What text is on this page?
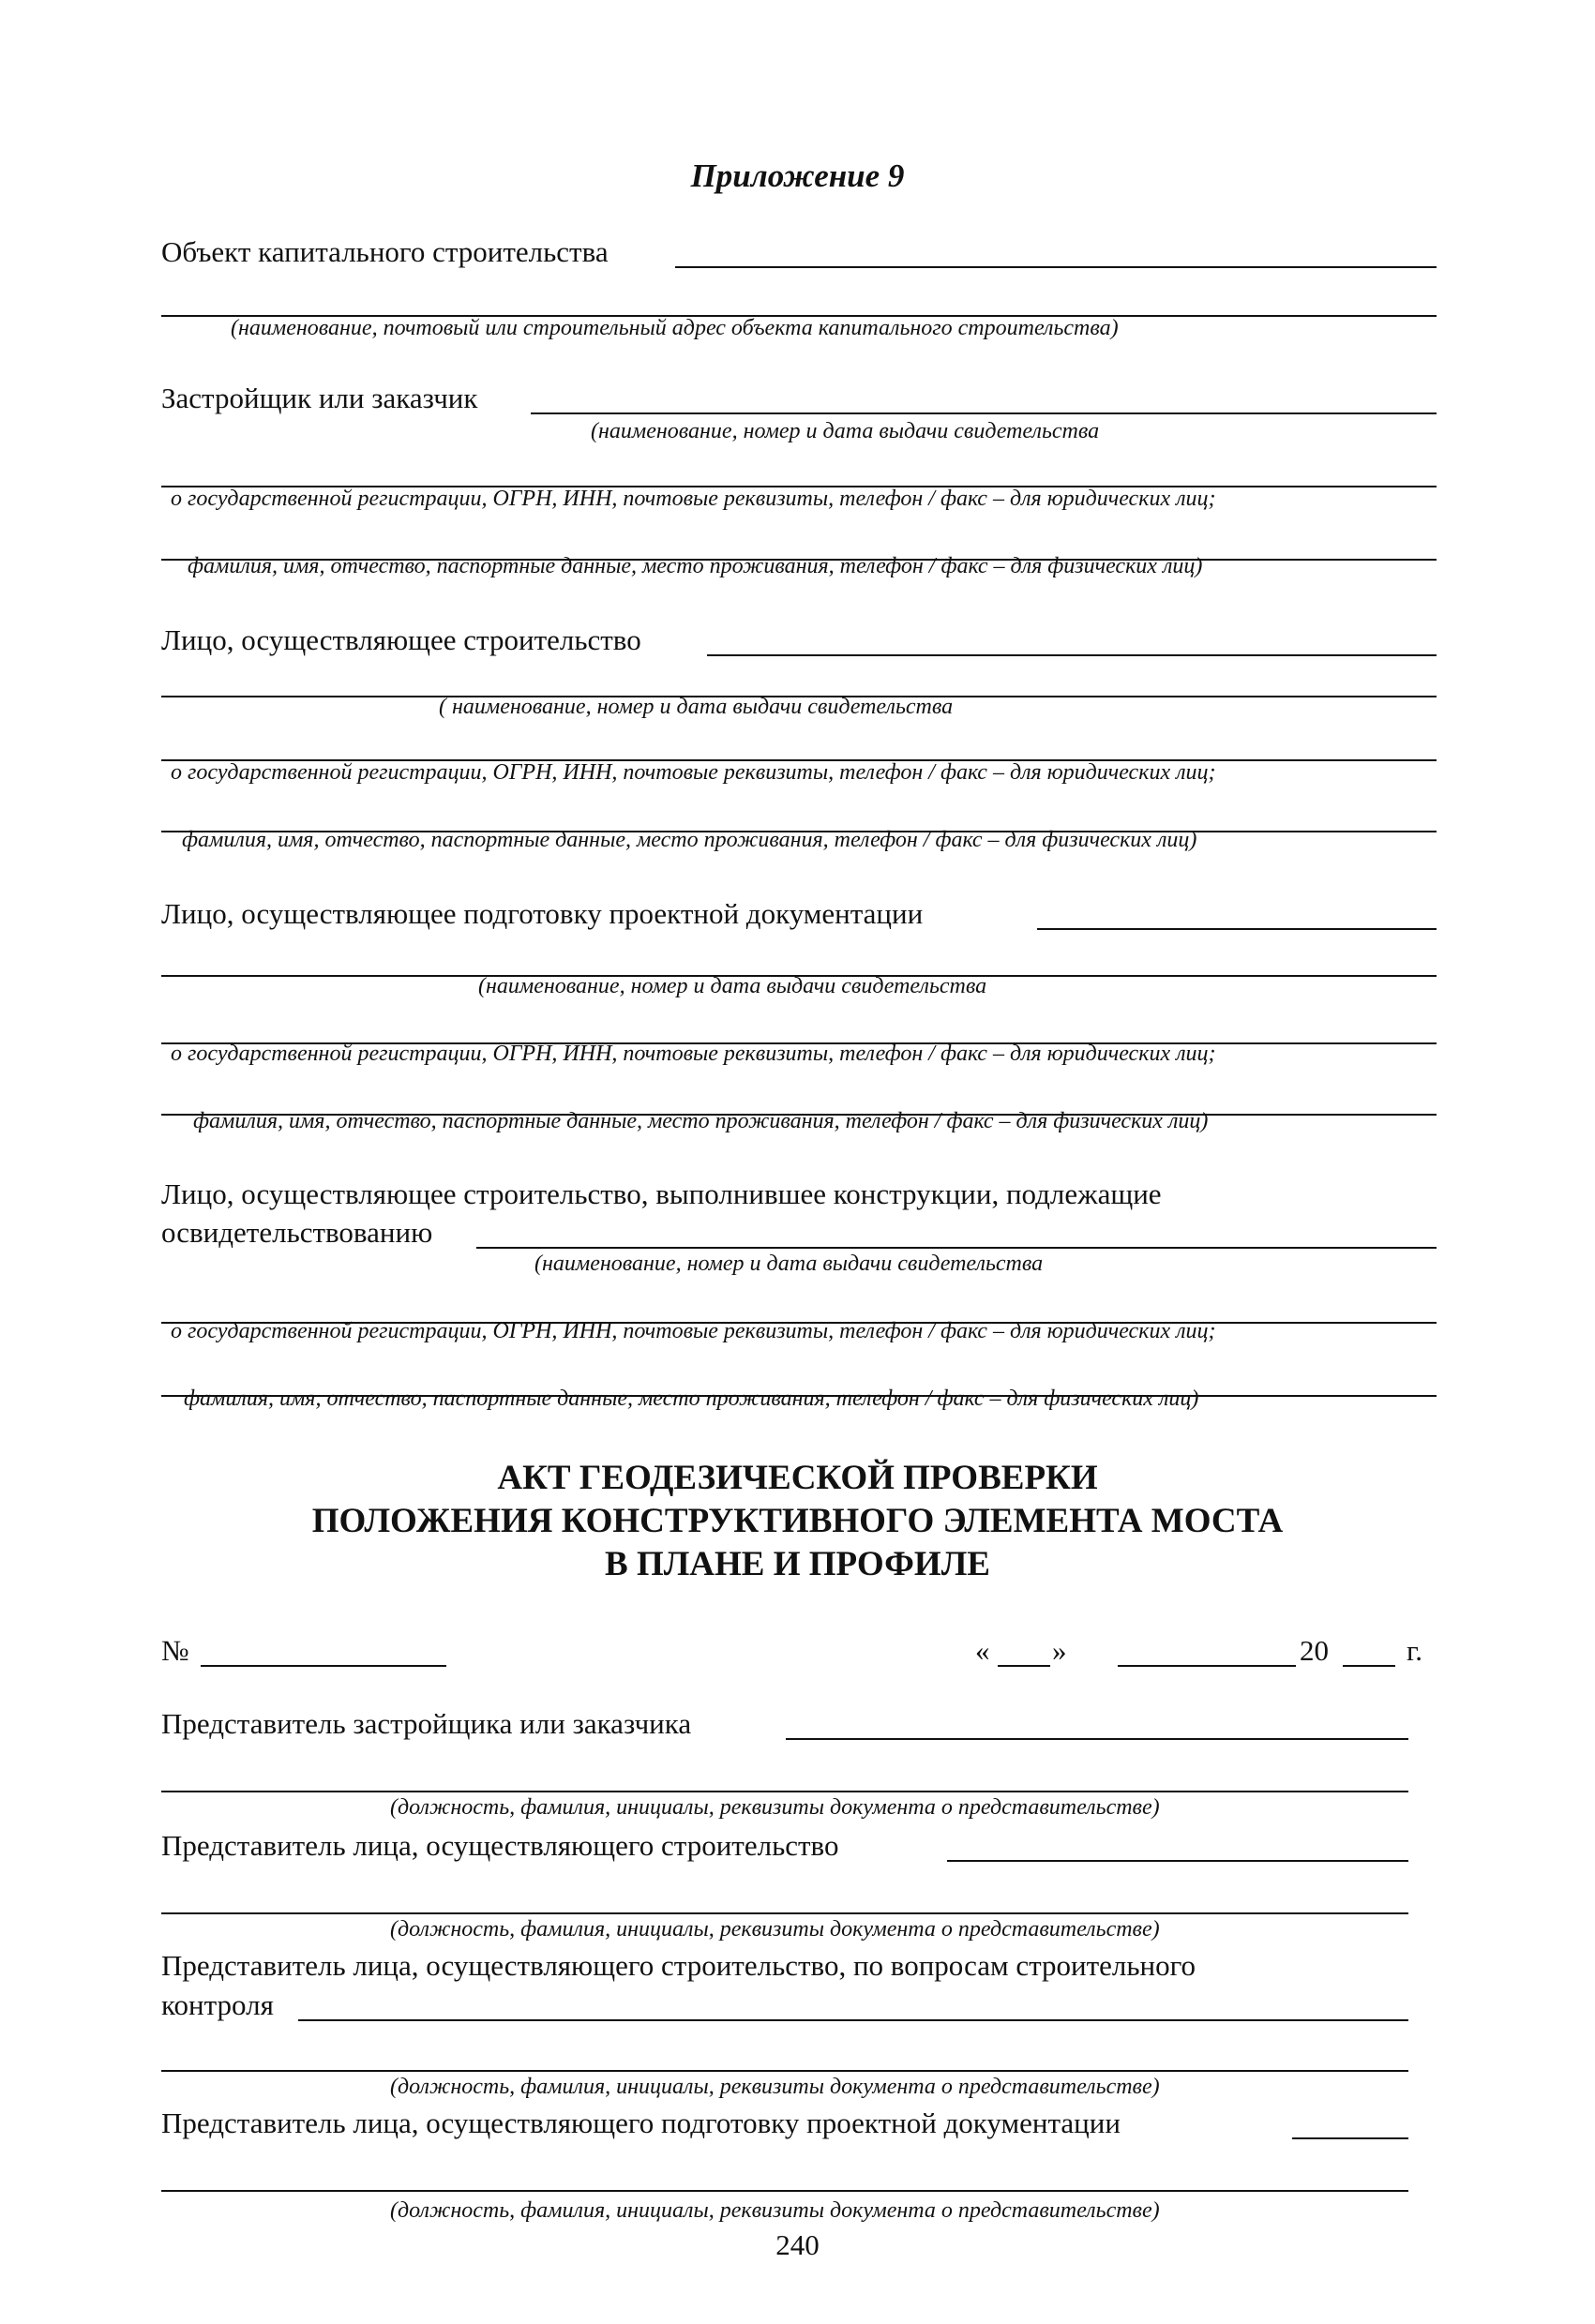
Приложение 9
Объект капитального строительства
(наименование, почтовый или строительный адрес объекта капитального строительства)
Застройщик или заказчик
(наименование, номер и дата выдачи свидетельства
о государственной регистрации, ОГРН, ИНН, почтовые реквизиты, телефон / факс – для юридических лиц;
фамилия, имя, отчество, паспортные данные, место проживания, телефон / факс – для физических лиц)
Лицо, осуществляющее строительство
( наименование, номер и дата выдачи свидетельства
о государственной регистрации, ОГРН, ИНН, почтовые реквизиты, телефон / факс – для юридических лиц;
фамилия, имя, отчество, паспортные данные, место проживания, телефон / факс – для физических лиц)
Лицо, осуществляющее подготовку проектной документации
(наименование, номер и дата выдачи свидетельства
о государственной регистрации, ОГРН, ИНН, почтовые реквизиты, телефон / факс – для юридических лиц;
фамилия, имя, отчество, паспортные данные, место проживания, телефон / факс – для физических лиц)
Лицо, осуществляющее строительство, выполнившее конструкции, подлежащие
освидетельствованию
(наименование, номер и дата выдачи свидетельства
о государственной регистрации, ОГРН, ИНН, почтовые реквизиты, телефон / факс – для юридических лиц;
фамилия, имя, отчество, паспортные данные, место проживания, телефон / факс – для физических лиц)
АКТ ГЕОДЕЗИЧЕСКОЙ ПРОВЕРКИ
ПОЛОЖЕНИЯ КОНСТРУКТИВНОГО ЭЛЕМЕНТА МОСТА
В ПЛАНЕ И ПРОФИЛЕ
№	« »	20	г.
Представитель застройщика или заказчика
(должность, фамилия, инициалы, реквизиты документа о представительстве)
Представитель лица, осуществляющего строительство
(должность, фамилия, инициалы, реквизиты документа о представительстве)
Представитель лица, осуществляющего строительство, по вопросам строительного
контроля
(должность, фамилия, инициалы, реквизиты документа о представительстве)
Представитель лица, осуществляющего подготовку проектной документации
(должность, фамилия, инициалы, реквизиты документа о представительстве)
240
